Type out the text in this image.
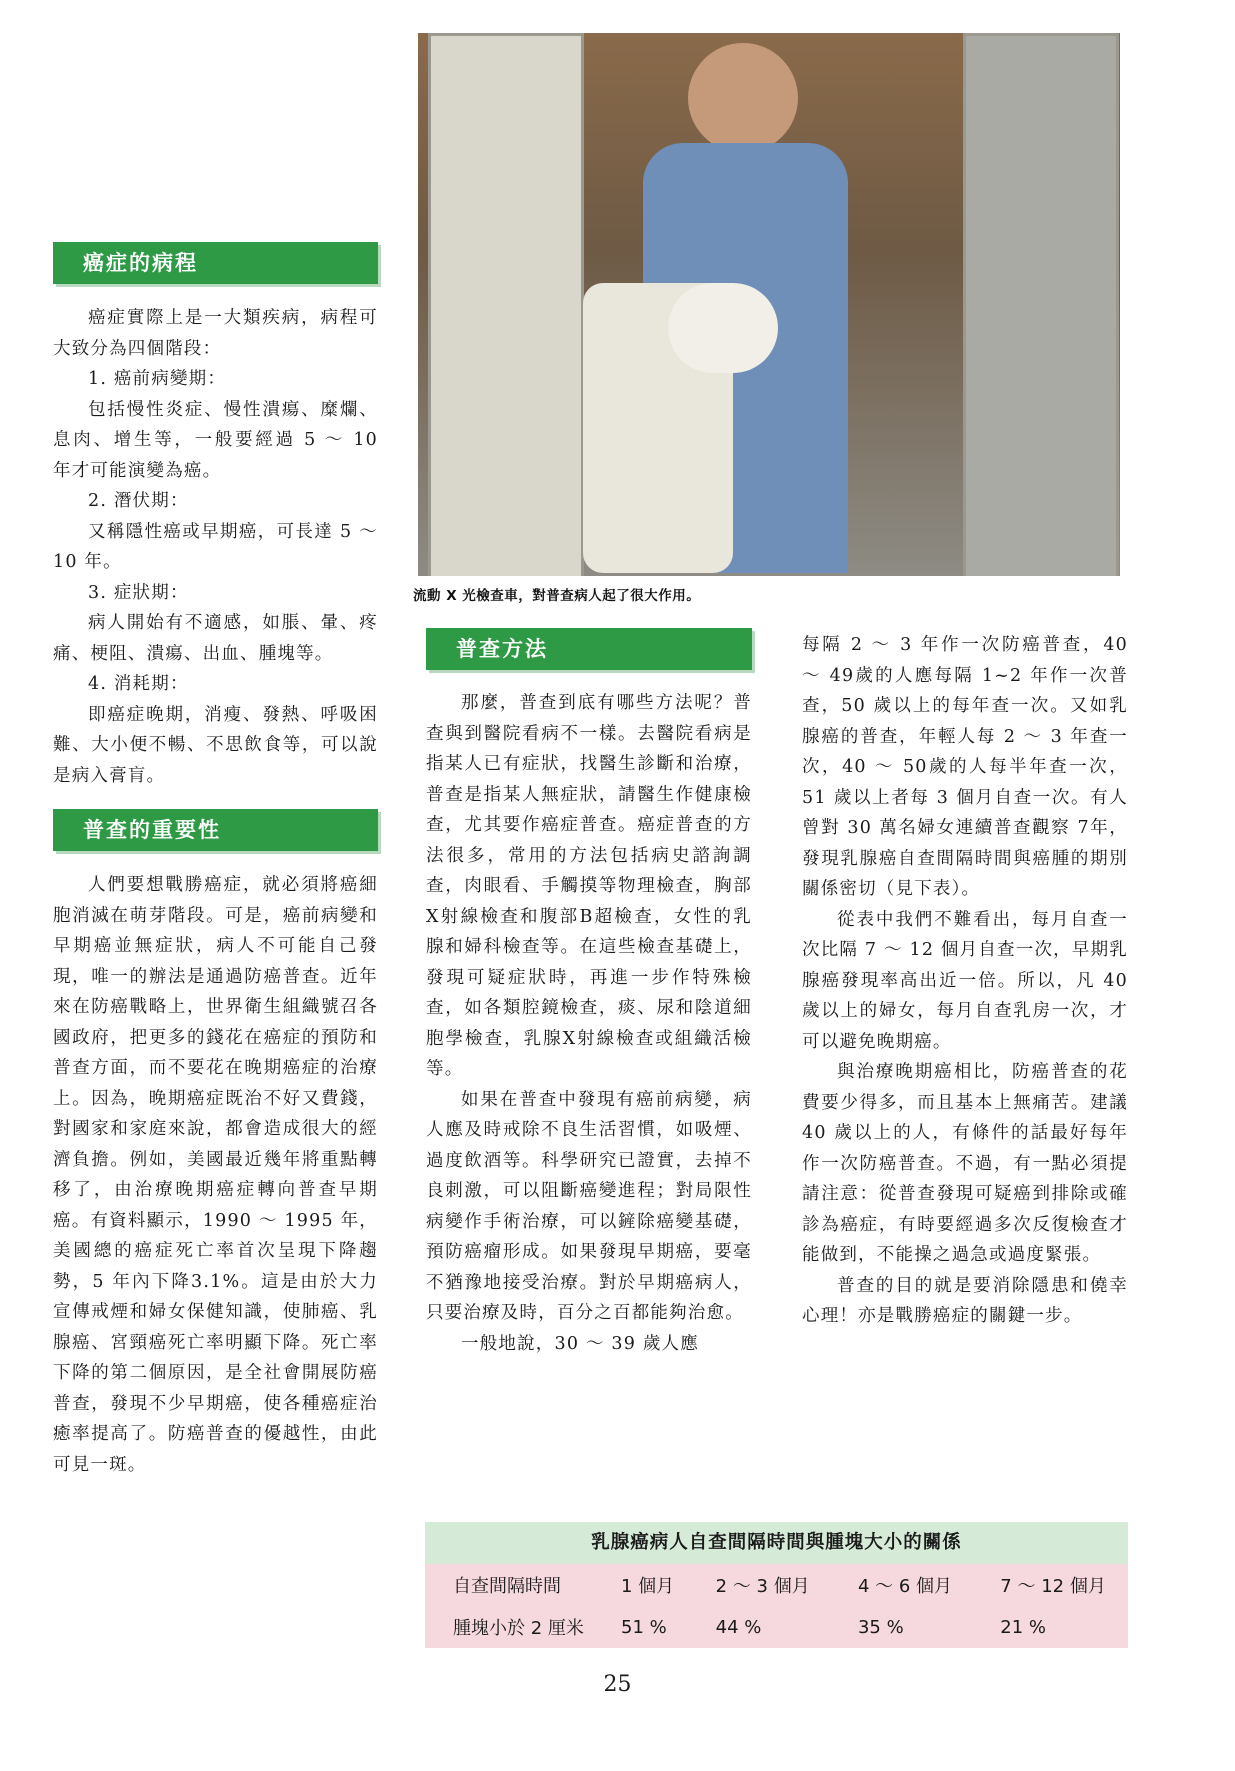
流動 X 光檢查車，對普查病人起了很大作用。
癌症的病程

癌症實際上是一大類疾病，病程可大致分為四個階段：

1. 癌前病變期：

包括慢性炎症、慢性潰瘍、糜爛、息肉、增生等，一般要經過 5 ～ 10 年才可能演變為癌。

2. 潛伏期：

又稱隱性癌或早期癌，可長達 5 ～ 10 年。

3. 症狀期：

病人開始有不適感，如脹、暈、疼痛、梗阻、潰瘍、出血、腫塊等。

4. 消耗期：

即癌症晚期，消瘦、發熱、呼吸困難、大小便不暢、不思飲食等，可以說是病入膏肓。

普查的重要性

人們要想戰勝癌症，就必須將癌細胞消滅在萌芽階段。可是，癌前病變和早期癌並無症狀，病人不可能自己發現，唯一的辦法是通過防癌普查。近年來在防癌戰略上，世界衛生組織號召各國政府，把更多的錢花在癌症的預防和普查方面，而不要花在晚期癌症的治療上。因為，晚期癌症既治不好又費錢，對國家和家庭來說，都會造成很大的經濟負擔。例如，美國最近幾年將重點轉移了，由治療晚期癌症轉向普查早期癌。有資料顯示，1990 ～ 1995 年，美國總的癌症死亡率首次呈現下降趨勢，5 年內下降3.1%。這是由於大力宣傳戒煙和婦女保健知識，使肺癌、乳腺癌、宮頸癌死亡率明顯下降。死亡率下降的第二個原因，是全社會開展防癌普查，發現不少早期癌，使各種癌症治癒率提高了。防癌普查的優越性，由此可見一斑。

普查方法

那麼，普查到底有哪些方法呢？普查與到醫院看病不一樣。去醫院看病是指某人已有症狀，找醫生診斷和治療，普查是指某人無症狀，請醫生作健康檢查，尤其要作癌症普查。癌症普查的方法很多，常用的方法包括病史諮詢調查，肉眼看、手觸摸等物理檢查，胸部X射線檢查和腹部B超檢查，女性的乳腺和婦科檢查等。在這些檢查基礎上，發現可疑症狀時，再進一步作特殊檢查，如各類腔鏡檢查，痰、尿和陰道細胞學檢查，乳腺X射線檢查或組織活檢等。

如果在普查中發現有癌前病變，病人應及時戒除不良生活習慣，如吸煙、過度飲酒等。科學研究已證實，去掉不良刺激，可以阻斷癌變進程；對局限性病變作手術治療，可以鏟除癌變基礎，預防癌瘤形成。如果發現早期癌，要毫不猶豫地接受治療。對於早期癌病人，只要治療及時，百分之百都能夠治愈。

一般地說，30 ～ 39 歲人應

每隔 2 ～ 3 年作一次防癌普查，40 ～ 49歲的人應每隔 1~2 年作一次普查，50 歲以上的每年查一次。又如乳腺癌的普查，年輕人每 2 ～ 3 年查一次，40 ～ 50歲的人每半年查一次，51 歲以上者每 3 個月自查一次。有人曾對 30 萬名婦女連續普查觀察 7年，發現乳腺癌自查間隔時間與癌腫的期別關係密切（見下表）。

從表中我們不難看出，每月自查一次比隔 7 ～ 12 個月自查一次，早期乳腺癌發現率高出近一倍。所以，凡 40 歲以上的婦女，每月自查乳房一次，才可以避免晚期癌。

與治療晚期癌相比，防癌普查的花費要少得多，而且基本上無痛苦。建議 40 歲以上的人，有條件的話最好每年作一次防癌普查。不過，有一點必須提請注意：從普查發現可疑癌到排除或確診為癌症，有時要經過多次反復檢查才能做到，不能操之過急或過度緊張。

普查的目的就是要消除隱患和僥幸心理！亦是戰勝癌症的關鍵一步。

乳腺癌病人自查間隔時間與腫塊大小的關係
自查間隔時間	1 個月	2 ～ 3 個月	4 ～ 6 個月	7 ～ 12 個月
腫塊小於 2 厘米	51 %	44 %	35 %	21 %
25
